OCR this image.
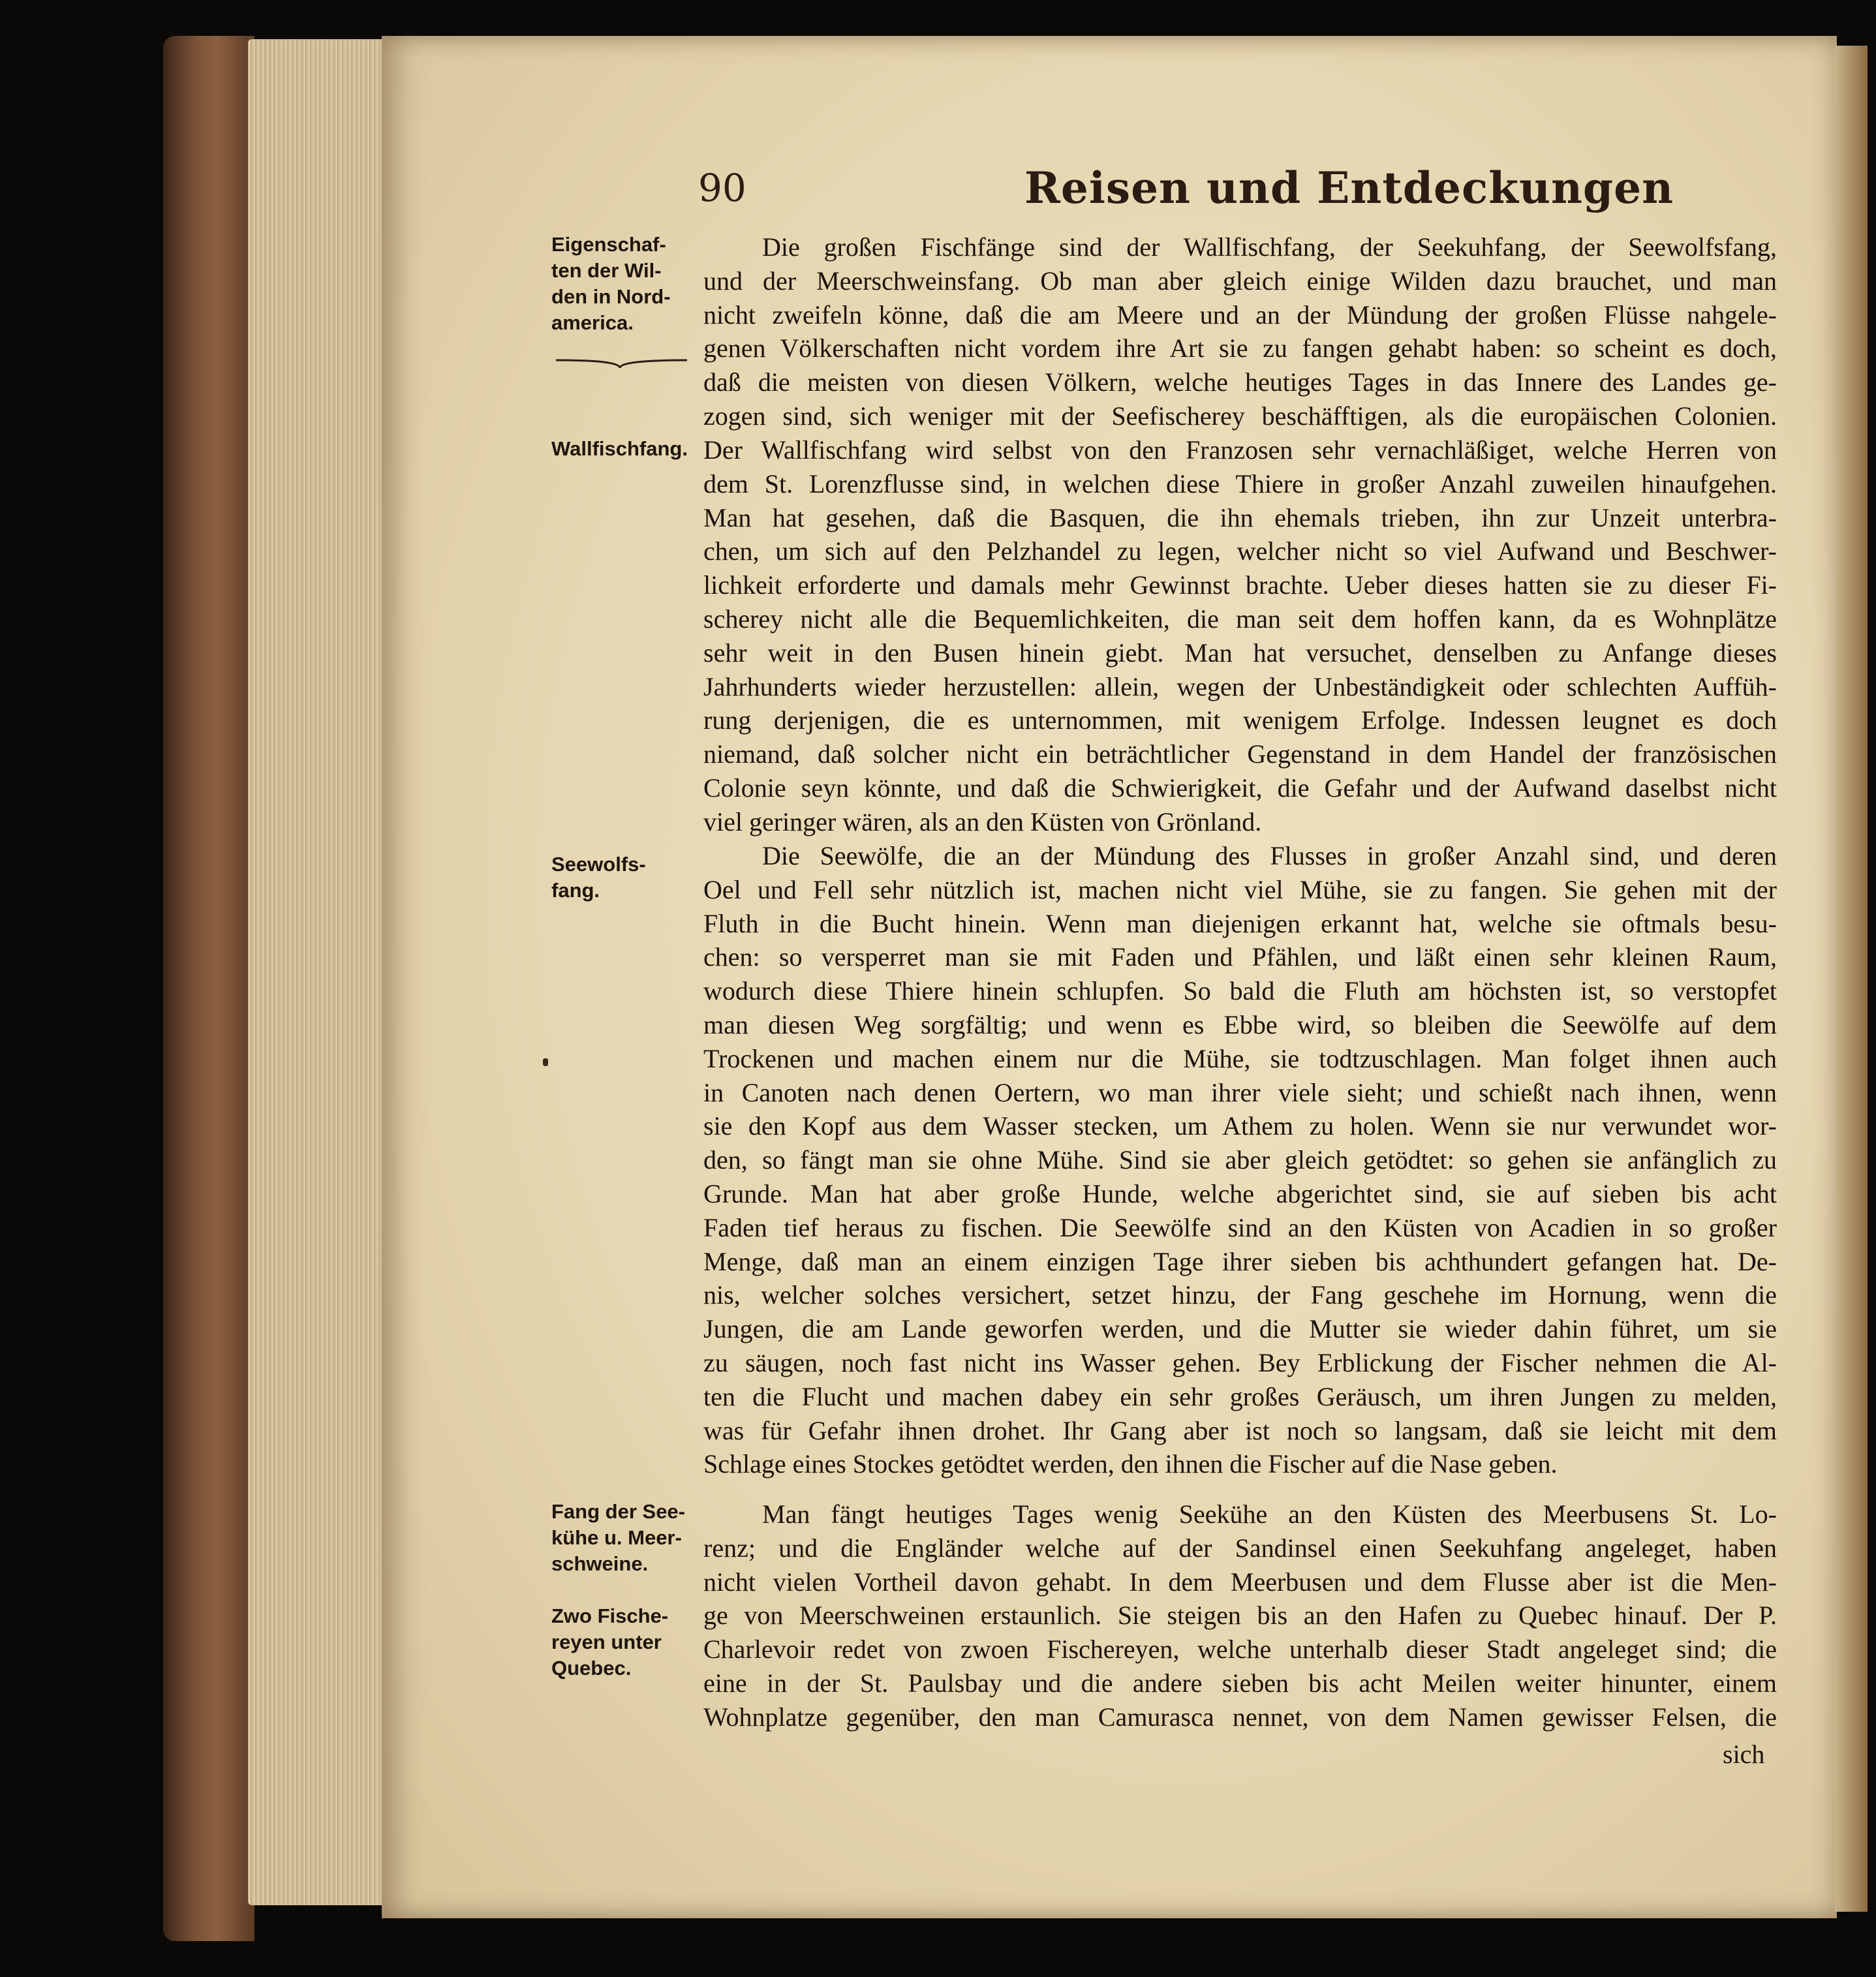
90	Reisen und Entdeckungen
Eigenschaf-
ten der Wil-
den in Nord-
america.
Wallfischfang.
Seewolfs-
fang.
Fang der See-
kühe u. Meer-
schweine.
Zwo Fische-
reyen unter
Quebec.
Die großen Fischfänge sind der Wallfischfang, der Seekuhfang, der Seewolfsfang,
und der Meerschweinsfang. Ob man aber gleich einige Wilden dazu brauchet, und man
nicht zweifeln könne, daß die am Meere und an der Mündung der großen Flüsse nahgele-
genen Völkerschaften nicht vordem ihre Art sie zu fangen gehabt haben: so scheint es doch,
daß die meisten von diesen Völkern, welche heutiges Tages in das Innere des Landes ge-
zogen sind, sich weniger mit der Seefischerey beschäfftigen, als die europäischen Colonien.
Der Wallfischfang wird selbst von den Franzosen sehr vernachläßiget, welche Herren von
dem St. Lorenzflusse sind, in welchen diese Thiere in großer Anzahl zuweilen hinaufgehen.
Man hat gesehen, daß die Basquen, die ihn ehemals trieben, ihn zur Unzeit unterbra-
chen, um sich auf den Pelzhandel zu legen, welcher nicht so viel Aufwand und Beschwer-
lichkeit erforderte und damals mehr Gewinnst brachte. Ueber dieses hatten sie zu dieser Fi-
scherey nicht alle die Bequemlichkeiten, die man seit dem hoffen kann, da es Wohnplätze
sehr weit in den Busen hinein giebt. Man hat versuchet, denselben zu Anfange dieses
Jahrhunderts wieder herzustellen: allein, wegen der Unbeständigkeit oder schlechten Auffüh-
rung derjenigen, die es unternommen, mit wenigem Erfolge. Indessen leugnet es doch
niemand, daß solcher nicht ein beträchtlicher Gegenstand in dem Handel der französischen
Colonie seyn könnte, und daß die Schwierigkeit, die Gefahr und der Aufwand daselbst nicht
viel geringer wären, als an den Küsten von Grönland.
Die Seewölfe, die an der Mündung des Flusses in großer Anzahl sind, und deren
Oel und Fell sehr nützlich ist, machen nicht viel Mühe, sie zu fangen. Sie gehen mit der
Fluth in die Bucht hinein. Wenn man diejenigen erkannt hat, welche sie oftmals besu-
chen: so versperret man sie mit Faden und Pfählen, und läßt einen sehr kleinen Raum,
wodurch diese Thiere hinein schlupfen. So bald die Fluth am höchsten ist, so verstopfet
man diesen Weg sorgfältig; und wenn es Ebbe wird, so bleiben die Seewölfe auf dem
Trockenen und machen einem nur die Mühe, sie todtzuschlagen. Man folget ihnen auch
in Canoten nach denen Oertern, wo man ihrer viele sieht; und schießt nach ihnen, wenn
sie den Kopf aus dem Wasser stecken, um Athem zu holen. Wenn sie nur verwundet wor-
den, so fängt man sie ohne Mühe. Sind sie aber gleich getödtet: so gehen sie anfänglich zu
Grunde. Man hat aber große Hunde, welche abgerichtet sind, sie auf sieben bis acht
Faden tief heraus zu fischen. Die Seewölfe sind an den Küsten von Acadien in so großer
Menge, daß man an einem einzigen Tage ihrer sieben bis achthundert gefangen hat. De-
nis, welcher solches versichert, setzet hinzu, der Fang geschehe im Hornung, wenn die
Jungen, die am Lande geworfen werden, und die Mutter sie wieder dahin führet, um sie
zu säugen, noch fast nicht ins Wasser gehen. Bey Erblickung der Fischer nehmen die Al-
ten die Flucht und machen dabey ein sehr großes Geräusch, um ihren Jungen zu melden,
was für Gefahr ihnen drohet. Ihr Gang aber ist noch so langsam, daß sie leicht mit dem
Schlage eines Stockes getödtet werden, den ihnen die Fischer auf die Nase geben.
Man fängt heutiges Tages wenig Seekühe an den Küsten des Meerbusens St. Lo-
renz; und die Engländer welche auf der Sandinsel einen Seekuhfang angeleget, haben
nicht vielen Vortheil davon gehabt. In dem Meerbusen und dem Flusse aber ist die Men-
ge von Meerschweinen erstaunlich. Sie steigen bis an den Hafen zu Quebec hinauf. Der P.
Charlevoir redet von zwoen Fischereyen, welche unterhalb dieser Stadt angeleget sind; die
eine in der St. Paulsbay und die andere sieben bis acht Meilen weiter hinunter, einem
Wohnplatze gegenüber, den man Camurasca nennet, von dem Namen gewisser Felsen, die
sich
